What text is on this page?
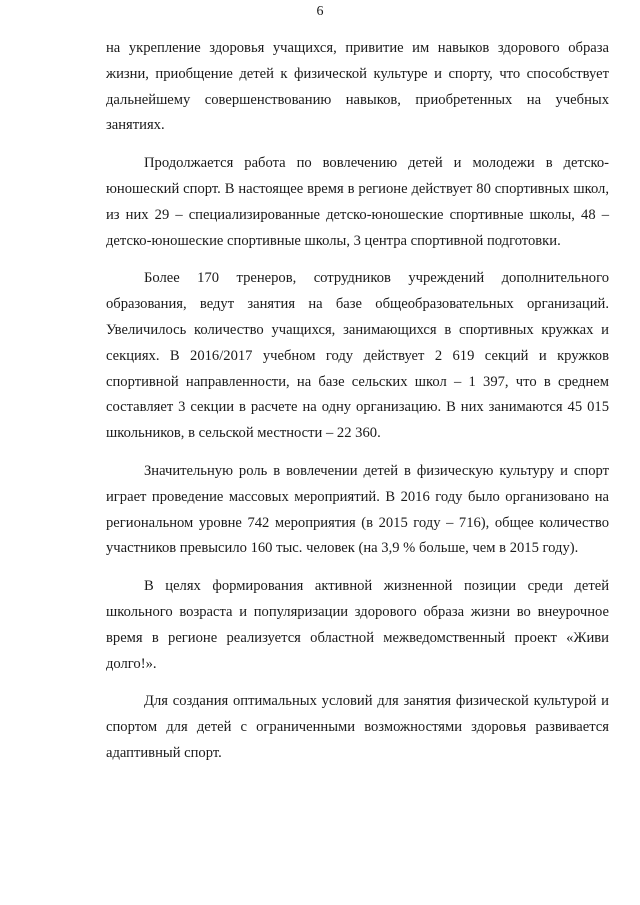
6

на укрепление здоровья учащихся, привитие им навыков здорового образа жизни, приобщение детей к физической культуре и спорту, что способствует дальнейшему совершенствованию навыков, приобретенных на учебных занятиях.

Продолжается работа по вовлечению детей и молодежи в детско-юношеский спорт. В настоящее время в регионе действует 80 спортивных школ, из них 29 – специализированные детско-юношеские спортивные школы, 48 – детско-юношеские спортивные школы, 3 центра спортивной подготовки.

Более 170 тренеров, сотрудников учреждений дополнительного образования, ведут занятия на базе общеобразовательных организаций. Увеличилось количество учащихся, занимающихся в спортивных кружках и секциях. В 2016/2017 учебном году действует 2 619 секций и кружков спортивной направленности, на базе сельских школ – 1 397, что в среднем составляет 3 секции в расчете на одну организацию. В них занимаются 45 015 школьников, в сельской местности – 22 360.

Значительную роль в вовлечении детей в физическую культуру и спорт играет проведение массовых мероприятий. В 2016 году было организовано на региональном уровне 742 мероприятия (в 2015 году – 716), общее количество участников превысило 160 тыс. человек (на 3,9 % больше, чем в 2015 году).

В целях формирования активной жизненной позиции среди детей школьного возраста и популяризации здорового образа жизни во внеурочное время в регионе реализуется областной межведомственный проект «Живи долго!».

Для создания оптимальных условий для занятия физической культурой и спортом для детей с ограниченными возможностями здоровья развивается адаптивный спорт.
